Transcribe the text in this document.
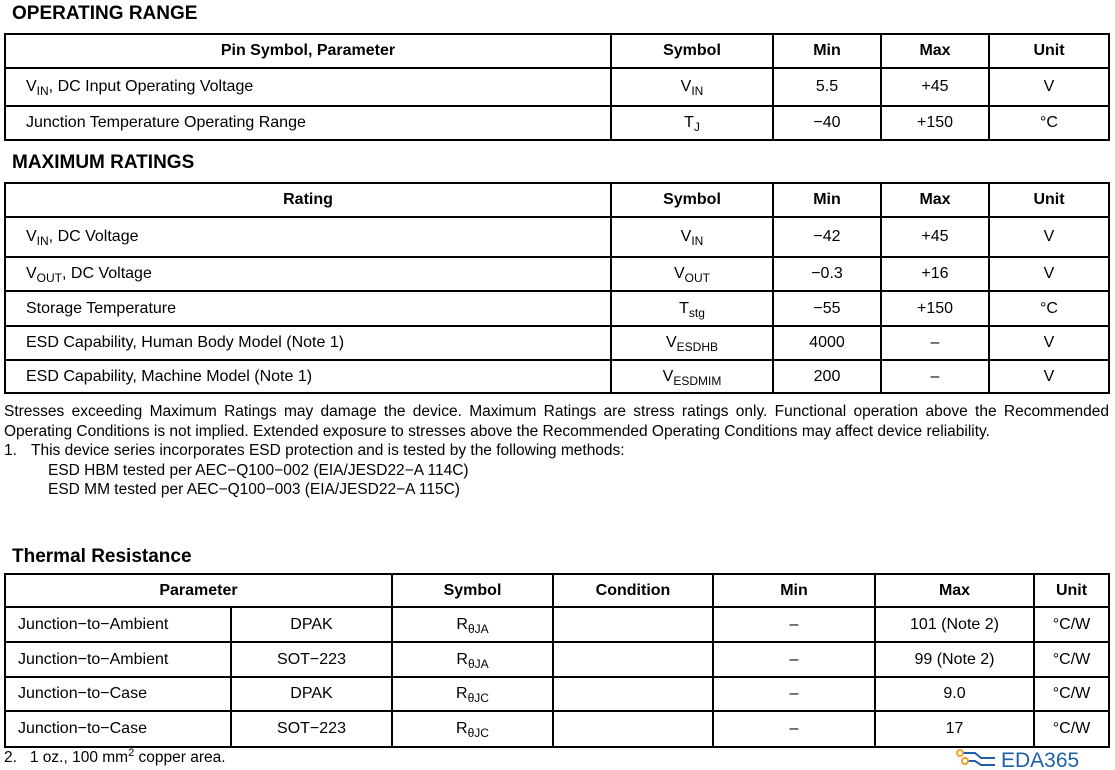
OPERATING RANGE
Pin Symbol, Parameter	Symbol	Min	Max	Unit
$V_{IN}$, DC Input Operating Voltage	$V_{IN}$	5.5	+45	V
Junction Temperature Operating Range	$T_J$	−40	+150	°C
MAXIMUM RATINGS
Rating	Symbol	Min	Max	Unit
$V_{IN}$, DC Voltage	$V_{IN}$	−42	+45	V
$V_{OUT}$, DC Voltage	$V_{OUT}$	−0.3	+16	V
Storage Temperature	$T_{stg}$	−55	+150	°C
ESD Capability, Human Body Model (Note 1)	$V_{ESDHB}$	4000	–	V
ESD Capability, Machine Model (Note 1)	$V_{ESDMIM}$	200	–	V

Stresses exceeding Maximum Ratings may damage the device. Maximum Ratings are stress ratings only. Functional operation above the Recommended Operating Conditions is not implied. Extended exposure to stresses above the Recommended Operating Conditions may affect device reliability.

1. This device series incorporates ESD protection and is tested by the following methods:
ESD HBM tested per AEC−Q100−002 (EIA/JESD22−A 114C)
ESD MM tested per AEC−Q100−003 (EIA/JESD22−A 115C)
Thermal Resistance
Parameter		Symbol	Condition	Min	Max	Unit
Junction−to−Ambient	DPAK	$R_{\theta JA}$		–	101 (Note 2)	°C/W
Junction−to−Ambient	SOT−223	$R_{\theta JA}$		–	99 (Note 2)	°C/W
Junction−to−Case	DPAK	$R_{\theta JC}$		–	9.0	°C/W
Junction−to−Case	SOT−223	$R_{\theta JC}$		–	17	°C/W
2. 1 oz., 100 $mm^2$ copper area.	EDA365
